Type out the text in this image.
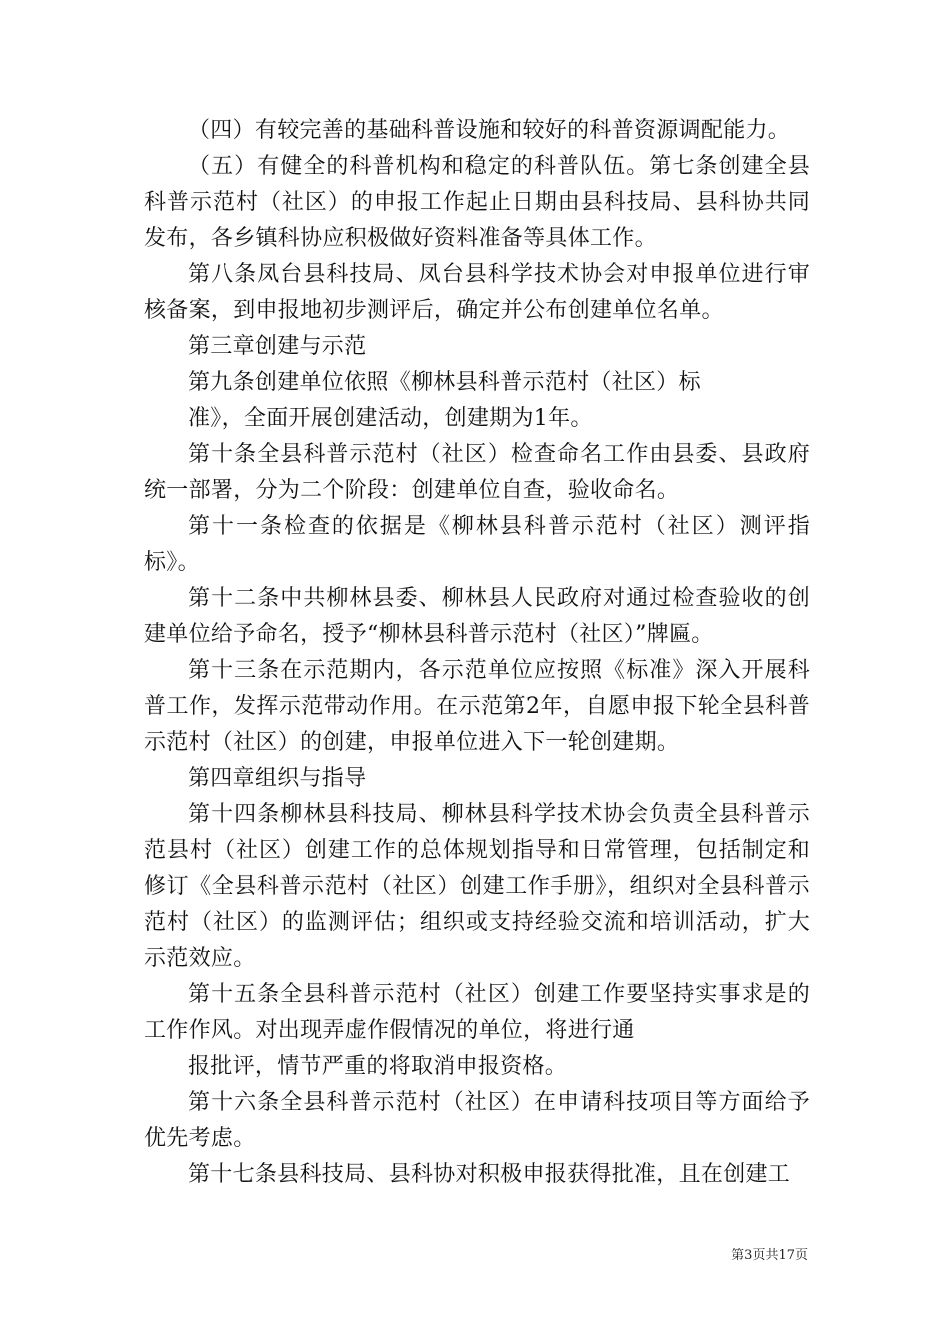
（四）有较完善的基础科普设施和较好的科普资源调配能力。

（五）有健全的科普机构和稳定的科普队伍。第七条创建全县科普示范村（社区）的申报工作起止日期由县科技局、县科协共同发布，各乡镇科协应积极做好资料准备等具体工作。

第八条凤台县科技局、凤台县科学技术协会对申报单位进行审核备案，到申报地初步测评后，确定并公布创建单位名单。

第三章创建与示范

第九条创建单位依照《柳林县科普示范村（社区）标

准》，全面开展创建活动，创建期为1年。

第十条全县科普示范村（社区）检查命名工作由县委、县政府统一部署，分为二个阶段：创建单位自查，验收命名。

第十一条检查的依据是《柳林县科普示范村（社区）测评指标》。

第十二条中共柳林县委、柳林县人民政府对通过检查验收的创建单位给予命名，授予“柳林县科普示范村（社区）”牌匾。

第十三条在示范期内，各示范单位应按照《标准》深入开展科普工作，发挥示范带动作用。在示范第2年，自愿申报下轮全县科普示范村（社区）的创建，申报单位进入下一轮创建期。

第四章组织与指导

第十四条柳林县科技局、柳林县科学技术协会负责全县科普示范县村（社区）创建工作的总体规划指导和日常管理，包括制定和修订《全县科普示范村（社区）创建工作手册》，组织对全县科普示范村（社区）的监测评估；组织或支持经验交流和培训活动，扩大示范效应。

第十五条全县科普示范村（社区）创建工作要坚持实事求是的工作作风。对出现弄虚作假情况的单位，将进行通

报批评，情节严重的将取消申报资格。

第十六条全县科普示范村（社区）在申请科技项目等方面给予优先考虑。

第十七条县科技局、县科协对积极申报获得批准，且在创建工

第3页共17页
